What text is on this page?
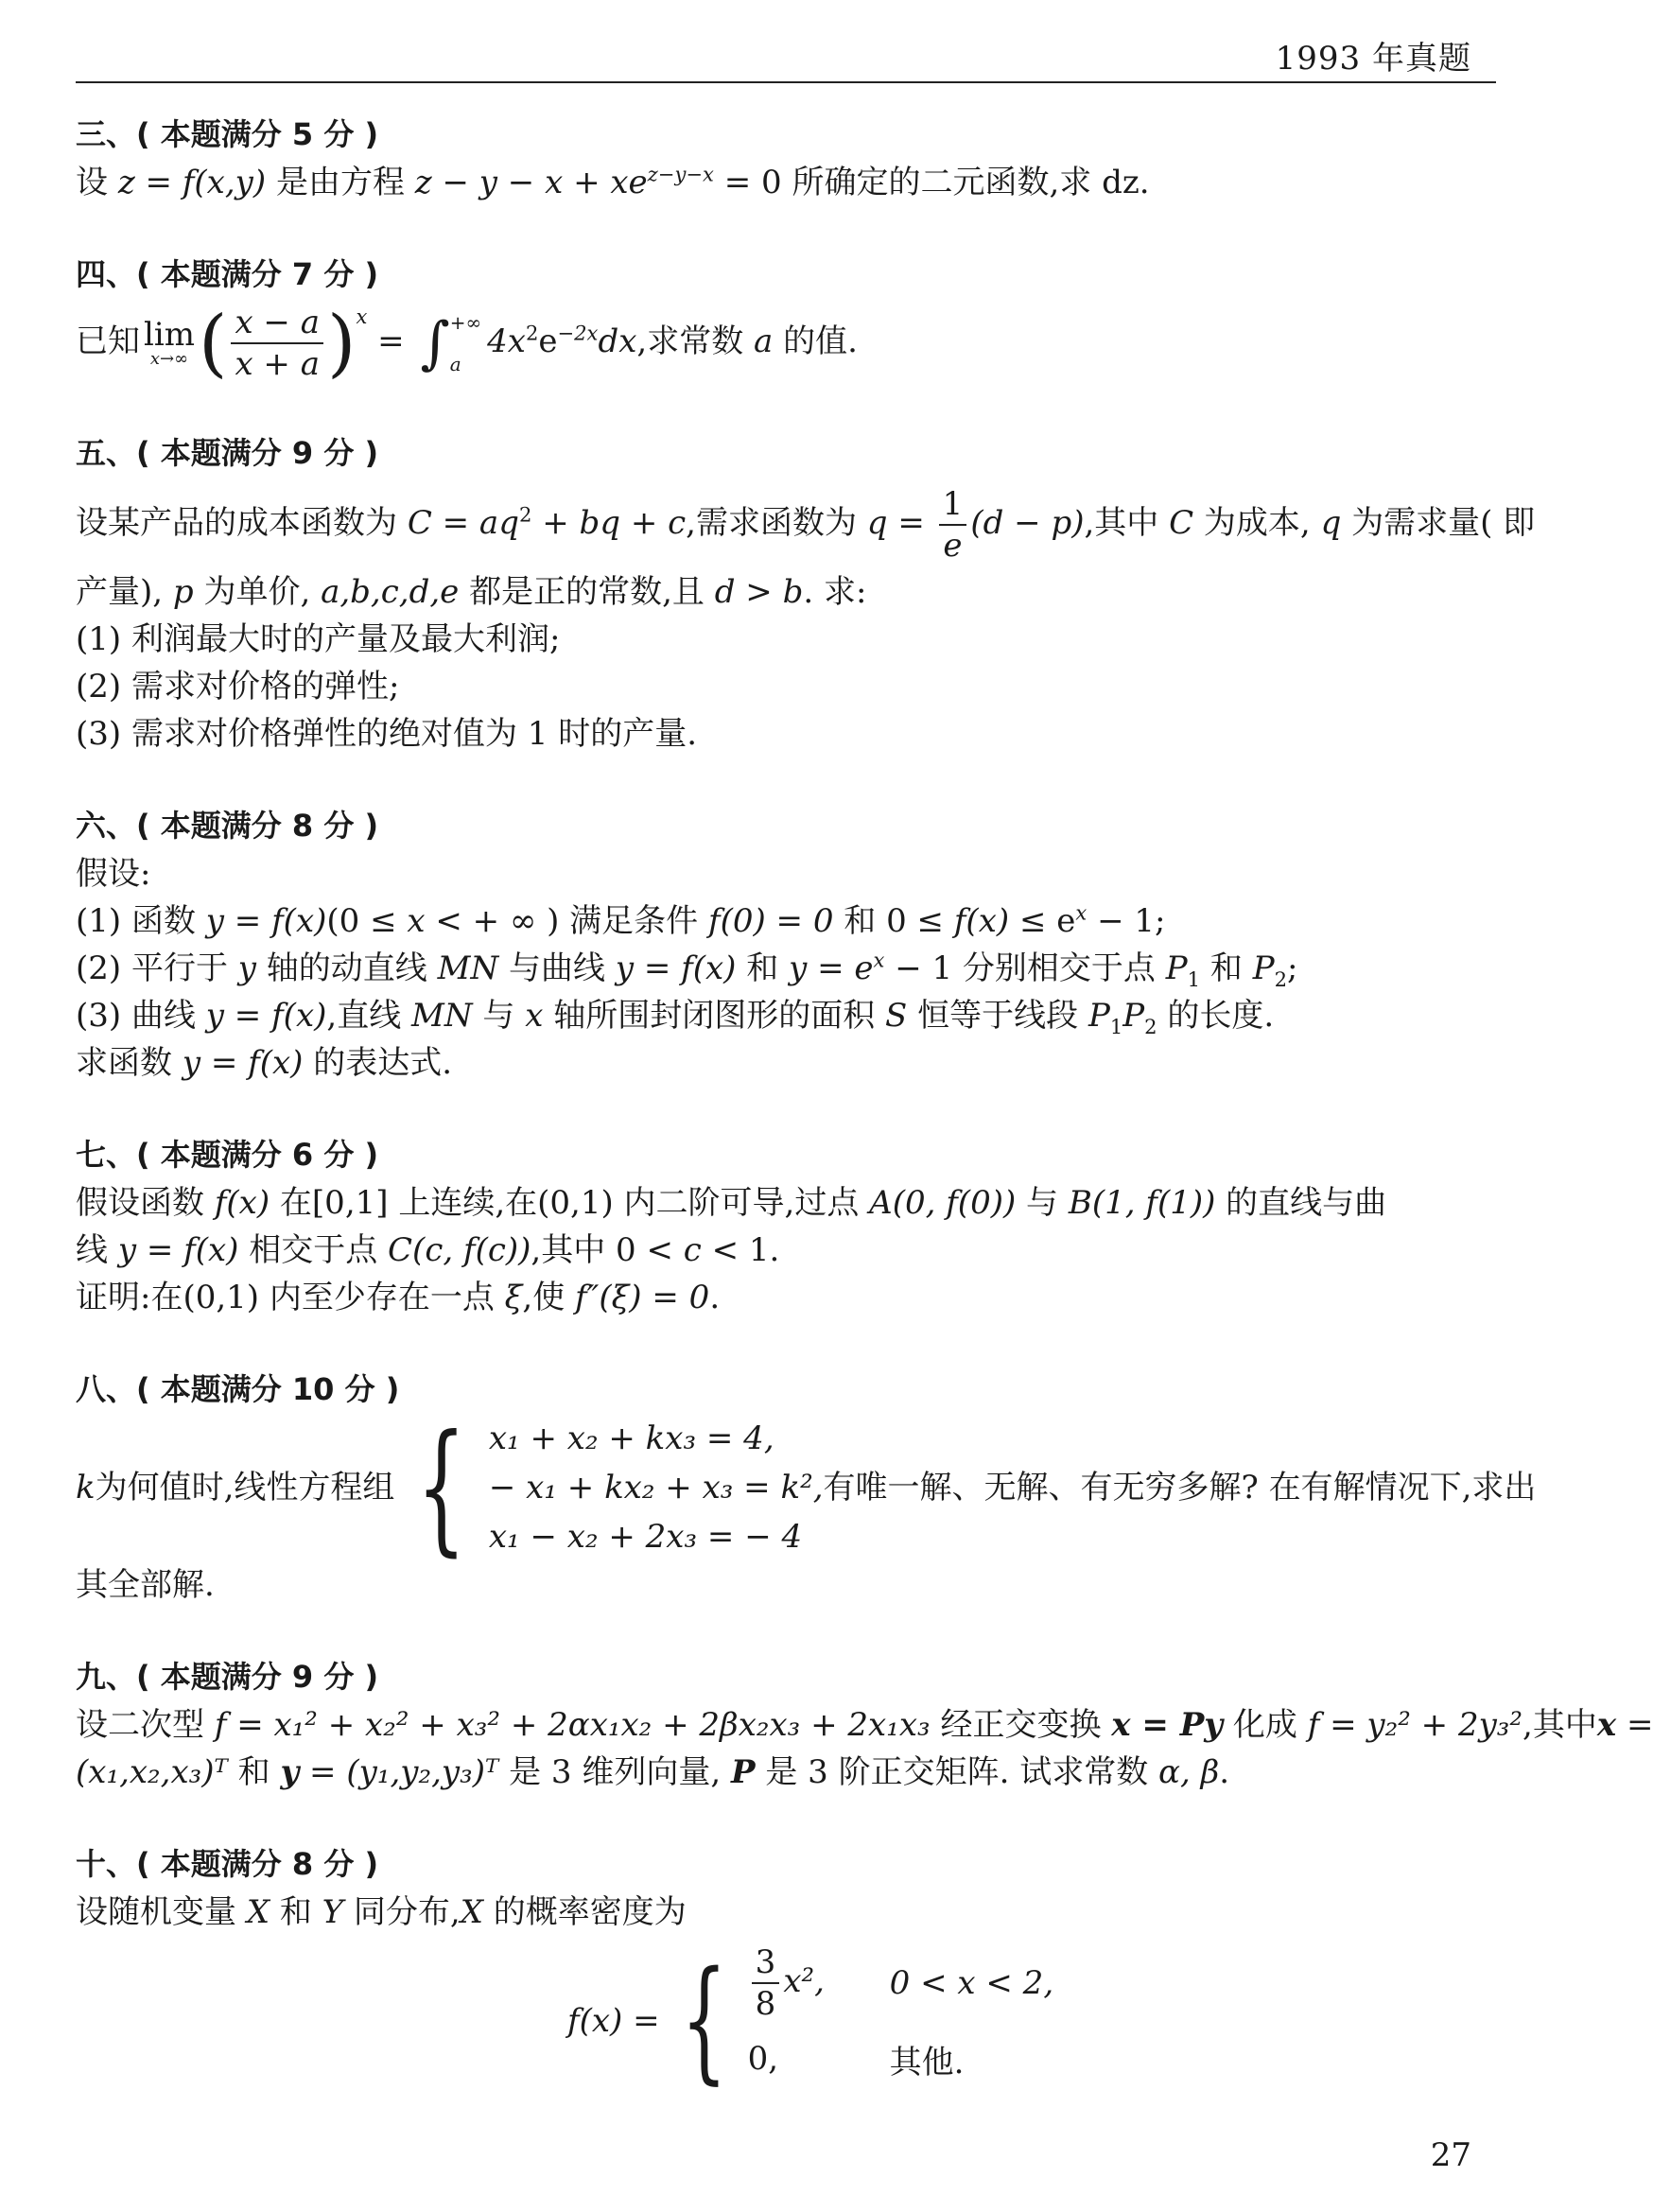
1993 年真题
三、( 本题满分 5 分 )
设 z = f(x,y) 是由方程 $z - y - x + xe^{z-y-x} = 0$ 所确定的二元函数,求 dz.
四、( 本题满分 7 分 )
已知 lim
x→∞ ( $\frac{x - a}{x + a} )^x$ = ∫ +∞
a
$4x^2e^{-2x}dx$,求常数 a 的值.
五、( 本题满分 9 分 )
设某产品的成本函数为 $C = aq^2$ + bq + c,需求函数为 $q = \frac{1}{e} (d - p)$,其中 C 为成本, q 为需求量( 即
产量), p 为单价, a,b,c,d,e 都是正的常数,且 d > b. 求:
(1) 利润最大时的产量及最大利润;
(2) 需求对价格的弹性;
(3) 需求对价格弹性的绝对值为 1 时的产量.
六、( 本题满分 8 分 )
假设:
(1) 函数 y = f(x)(0 ≤ x < + ∞ ) 满足条件 f(0) = 0 和 $0 \le f(x) \le e^x - 1$;
(2) 平行于 y 轴的动直线 MN 与曲线 y = f(x) 和 $y = e^x - 1$ 分别相交于点 $P_1$ 和 $P_2$;
(3) 曲线 y = f(x),直线 MN 与 x 轴所围封闭图形的面积 S 恒等于线段 $P_1P_2$ 的长度.
求函数 y = f(x) 的表达式.
七、( 本题满分 6 分 )
假设函数 f(x) 在[0,1] 上连续,在(0,1) 内二阶可导,过点 A(0, f(0)) 与 B(1, f(1)) 的直线与曲
线 y = f(x) 相交于点 C(c, f(c)),其中 0 < c < 1.
证明:在(0,1) 内至少存在一点 ξ,使 f″(ξ) = 0.
八、( 本题满分 10 分 )
k 为何值时,线性方程组 { x₁ + x₂ + kx₃ = 4,
− x₁ + kx₂ + x₃ = k²,
x₁ − x₂ + 2x₃ = − 4
有唯一解、无解、有无穷多解? 在有解情况下,求出
其全部解.
九、( 本题满分 9 分 )
设二次型 f = x₁² + x₂² + x₃² + 2αx₁x₂ + 2βx₂x₃ + 2x₁x₃ 经正交变换 x = Py 化成 f = y₂² + 2y₃²,其中x =
(x₁,x₂,x₃)ᵀ 和 y = (y₁,y₂,y₃)ᵀ 是 3 维列向量, P 是 3 阶正交矩阵. 试求常数 α, β.
十、( 本题满分 8 分 )
设随机变量 X 和 Y 同分布,X 的概率密度为
f(x) = { $\frac{3}{8} x^2$,	0 < x < 2,
0,	其他.
27
